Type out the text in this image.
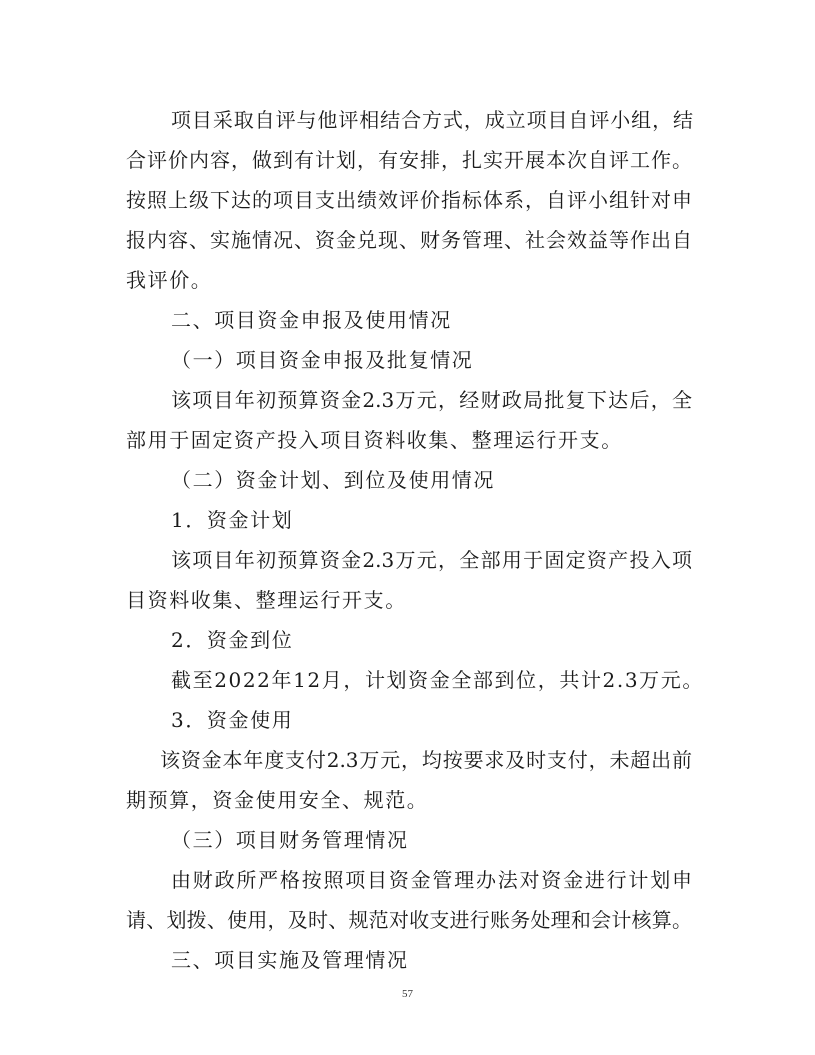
项目采取自评与他评相结合方式，成立项目自评小组，结
合评价内容，做到有计划，有安排，扎实开展本次自评工作。
按照上级下达的项目支出绩效评价指标体系，自评小组针对申
报内容、实施情况、资金兑现、财务管理、社会效益等作出自
我评价。
二、项目资金申报及使用情况
（一）项目资金申报及批复情况
该项目年初预算资金2.3万元，经财政局批复下达后，全
部用于固定资产投入项目资料收集、整理运行开支。
（二）资金计划、到位及使用情况
1．资金计划
该项目年初预算资金2.3万元，全部用于固定资产投入项
目资料收集、整理运行开支。
2．资金到位
截至2022年12月，计划资金全部到位，共计2.3万元。
3．资金使用
该资金本年度支付2.3万元，均按要求及时支付，未超出前
期预算，资金使用安全、规范。
（三）项目财务管理情况
由财政所严格按照项目资金管理办法对资金进行计划申
请、划拨、使用，及时、规范对收支进行账务处理和会计核算。
三、项目实施及管理情况
57
